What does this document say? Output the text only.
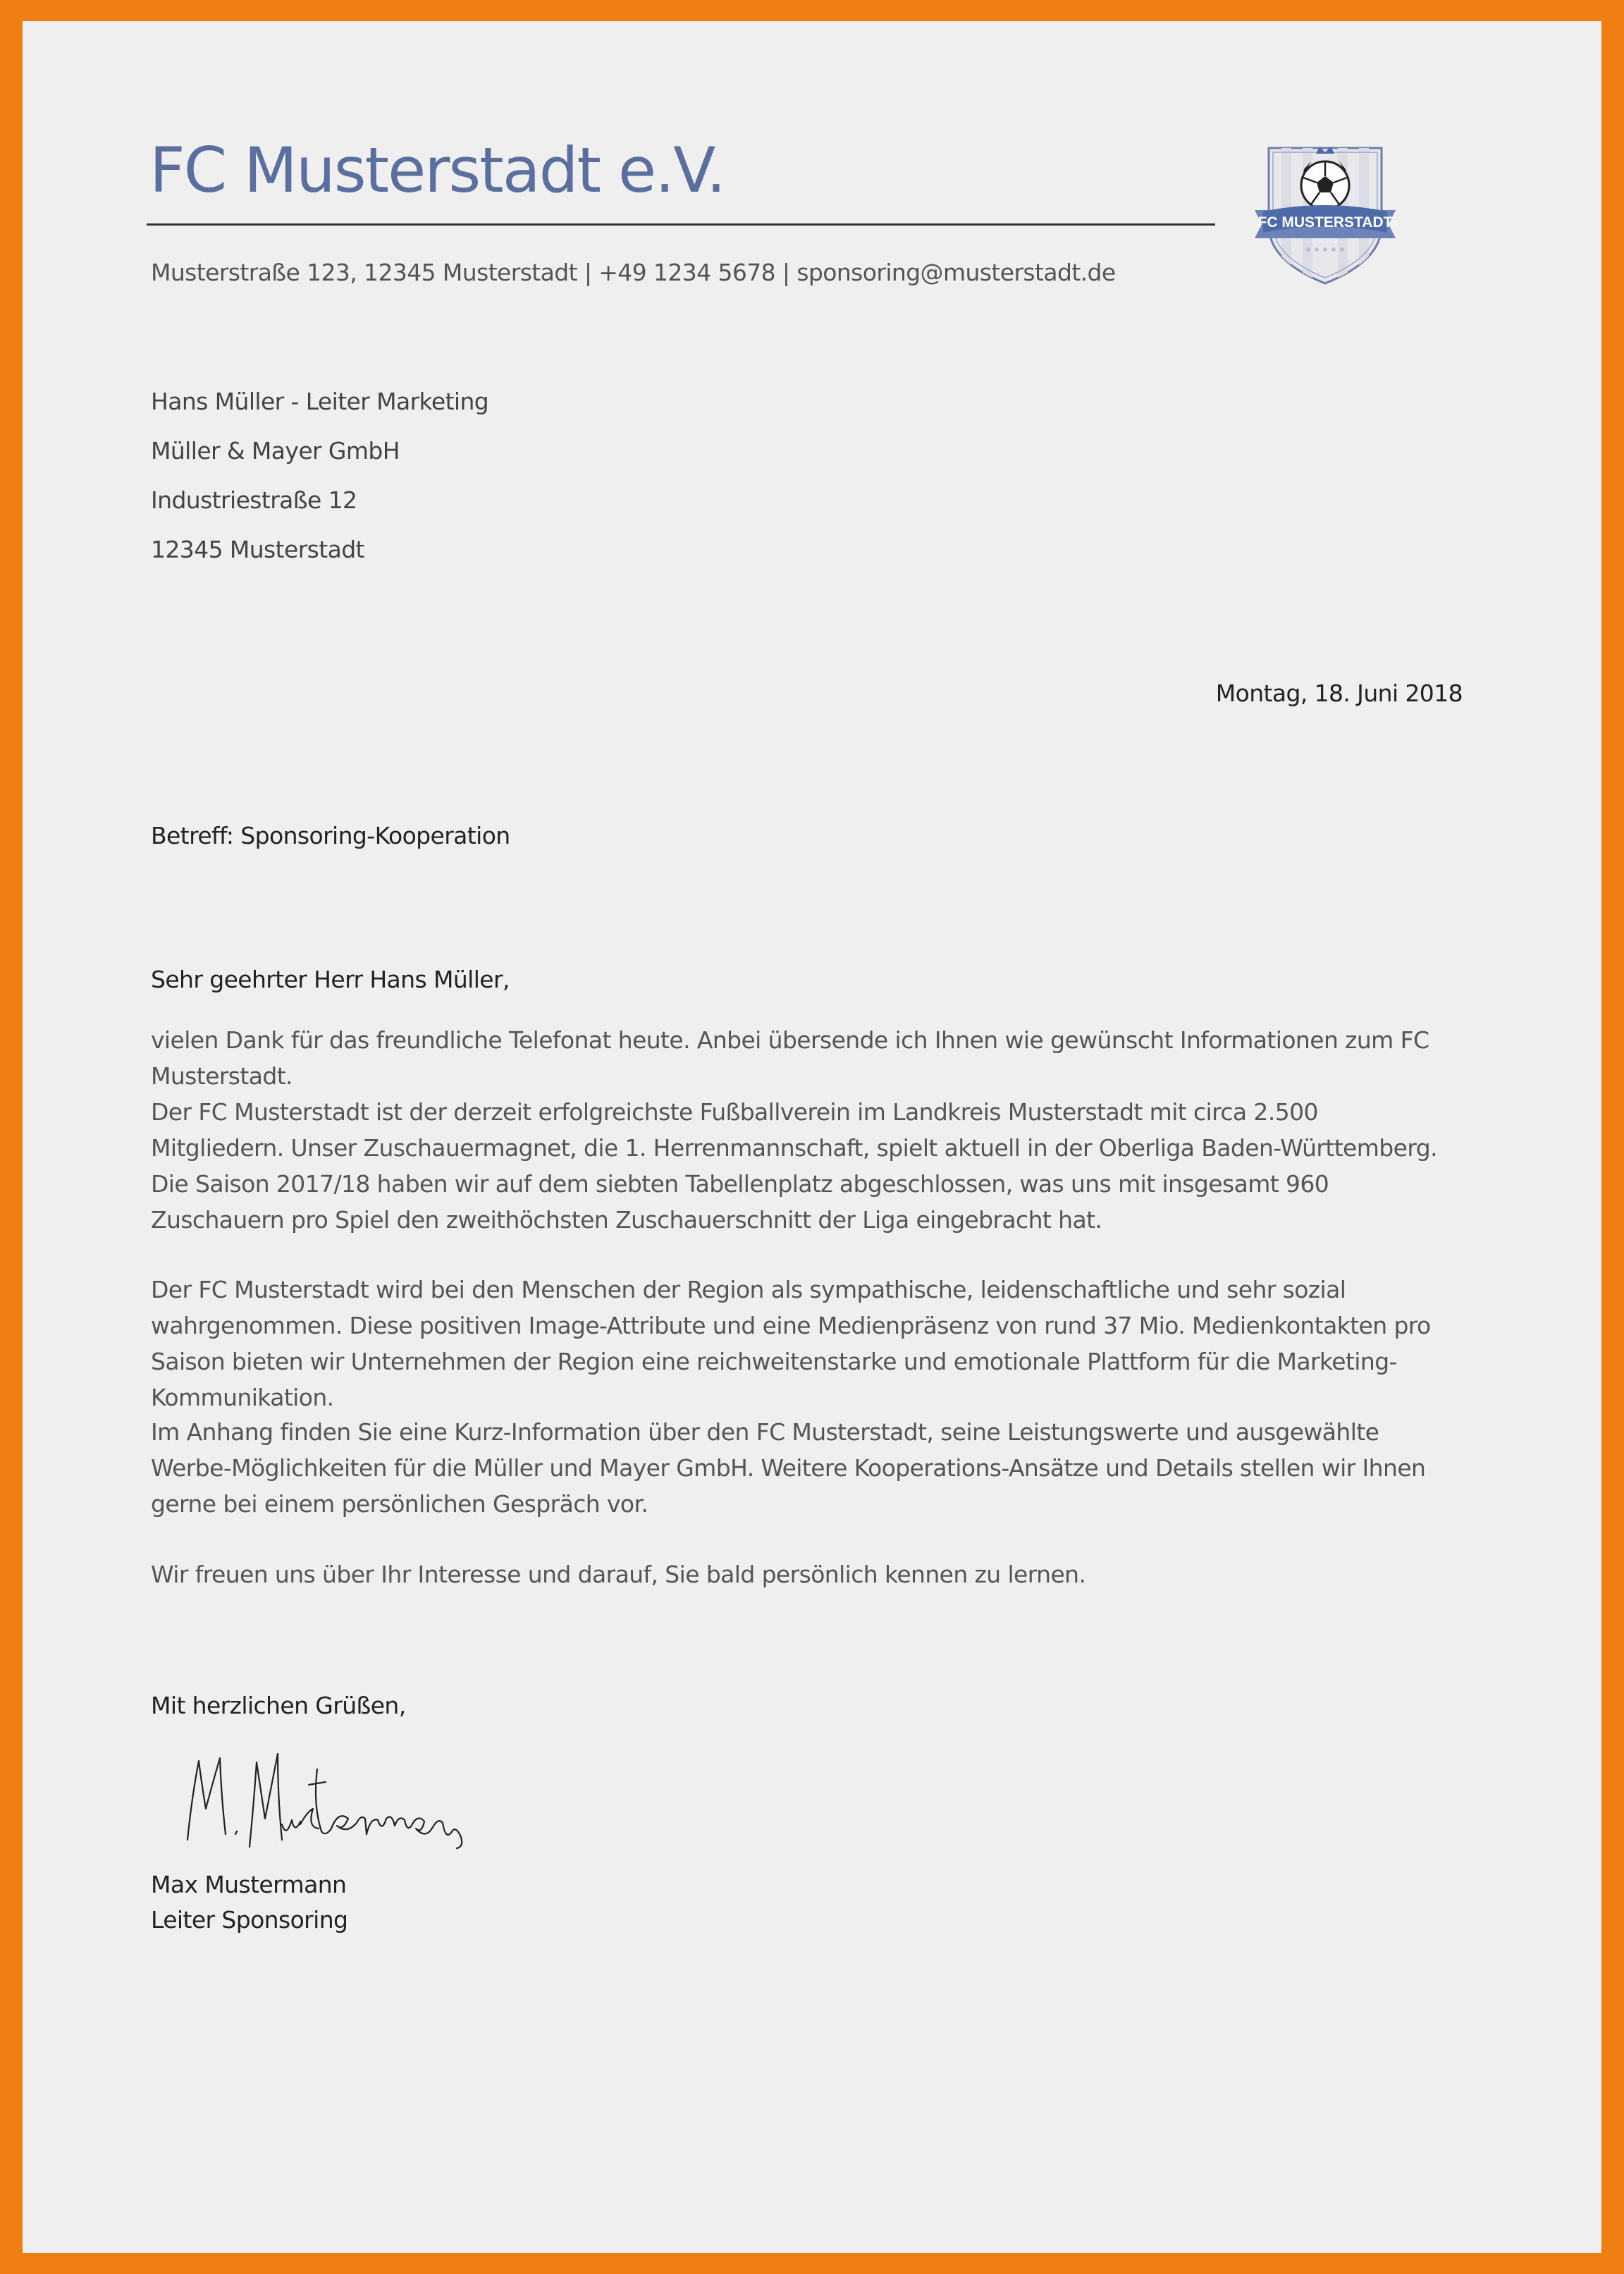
FC Musterstadt e.V.
Musterstraße 123, 12345 Musterstadt | +49 1234 5678 | sponsoring@musterstadt.de
FC MUSTERSTADT
Hans Müller - Leiter Marketing
Müller & Mayer GmbH
Industriestraße 12
12345 Musterstadt
Montag, 18. Juni 2018
Betreff: Sponsoring-Kooperation
Sehr geehrter Herr Hans Müller,

vielen Dank für das freundliche Telefonat heute. Anbei übersende ich Ihnen wie gewünscht Informationen zum FC Musterstadt.

Der FC Musterstadt ist der derzeit erfolgreichste Fußballverein im Landkreis Musterstadt mit circa 2.500 Mitgliedern. Unser Zuschauermagnet, die 1. Herrenmannschaft, spielt aktuell in der Oberliga Baden-Württemberg. Die Saison 2017/18 haben wir auf dem siebten Tabellenplatz abgeschlossen, was uns mit insgesamt 960 Zuschauern pro Spiel den zweithöchsten Zuschauerschnitt der Liga eingebracht hat.

Der FC Musterstadt wird bei den Menschen der Region als sympathische, leidenschaftliche und sehr sozial wahrgenommen. Diese positiven Image-Attribute und eine Medienpräsenz von rund 37 Mio. Medienkontakten pro Saison bieten wir Unternehmen der Region eine reichweitenstarke und emotionale Plattform für die Marketing-Kommunikation.

Im Anhang finden Sie eine Kurz-Information über den FC Musterstadt, seine Leistungswerte und ausgewählte Werbe-Möglichkeiten für die Müller und Mayer GmbH. Weitere Kooperations-Ansätze und Details stellen wir Ihnen gerne bei einem persönlichen Gespräch vor.

Wir freuen uns über Ihr Interesse und darauf, Sie bald persönlich kennen zu lernen.

Mit herzlichen Grüßen,
Max Mustermann
Leiter Sponsoring
